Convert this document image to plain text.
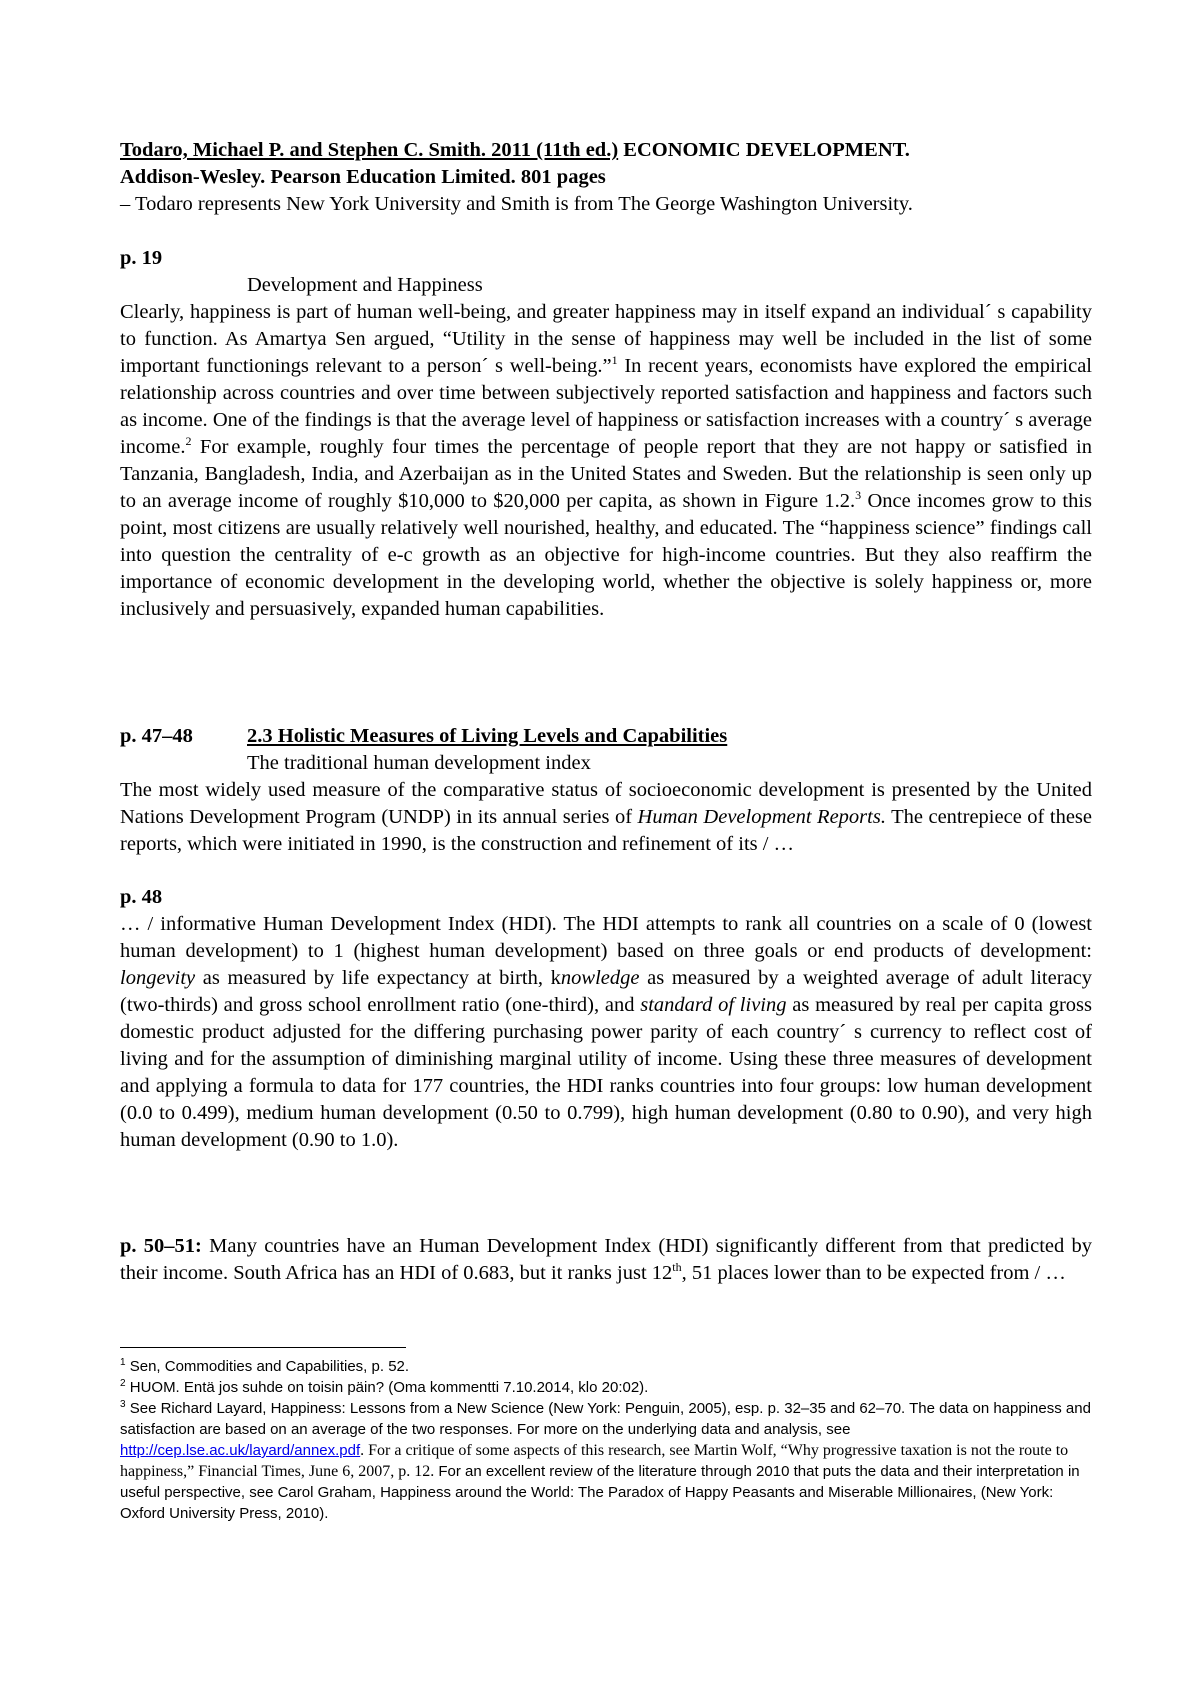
Todaro, Michael P. and Stephen C. Smith. 2011 (11th ed.) ECONOMIC DEVELOPMENT.
Addison-Wesley. Pearson Education Limited. 801 pages
– Todaro represents New York University and Smith is from The George Washington University.
p. 19
Development and Happiness
Clearly, happiness is part of human well-being, and greater happiness may in itself expand an individual´ s capability to function. As Amartya Sen argued, “Utility in the sense of happiness may well be included in the list of some important functionings relevant to a person´ s well-being.”$^1$ In recent years, economists have explored the empirical relationship across countries and over time between subjectively reported satisfaction and happiness and factors such as income. One of the findings is that the average level of happiness or satisfaction increases with a country´ s average income.$^2$ For example, roughly four times the percentage of people report that they are not happy or satisfied in Tanzania, Bangladesh, India, and Azerbaijan as in the United States and Sweden. But the relationship is seen only up to an average income of roughly $10,000 to $20,000 per capita, as shown in Figure 1.2.$^3$ Once incomes grow to this point, most citizens are usually relatively well nourished, healthy, and educated. The “happiness science” findings call into question the centrality of e-c growth as an objective for high-income countries. But they also reaffirm the importance of economic development in the developing world, whether the objective is solely happiness or, more inclusively and persuasively, expanded human capabilities.
p. 47–48	2.3 Holistic Measures of Living Levels and Capabilities
The traditional human development index
The most widely used measure of the comparative status of socioeconomic development is presented by the United Nations Development Program (UNDP) in its annual series of Human Development Reports. The centrepiece of these reports, which were initiated in 1990, is the construction and refinement of its / …
p. 48
… / informative Human Development Index (HDI). The HDI attempts to rank all countries on a scale of 0 (lowest human development) to 1 (highest human development) based on three goals or end products of development: longevity as measured by life expectancy at birth, knowledge as measured by a weighted average of adult literacy (two-thirds) and gross school enrollment ratio (one-third), and standard of living as measured by real per capita gross domestic product adjusted for the differing purchasing power parity of each country´ s currency to reflect cost of living and for the assumption of diminishing marginal utility of income. Using these three measures of development and applying a formula to data for 177 countries, the HDI ranks countries into four groups: low human development (0.0 to 0.499), medium human development (0.50 to 0.799), high human development (0.80 to 0.90), and very high human development (0.90 to 1.0).
p. 50–51: Many countries have an Human Development Index (HDI) significantly different from that predicted by their income. South Africa has an HDI of 0.683, but it ranks just 12th, 51 places lower than to be expected from / …
$^1$ Sen, Commodities and Capabilities, p. 52.
$^2$ HUOM. Entä jos suhde on toisin päin? (Oma kommentti 7.10.2014, klo 20:02).
$^3$ See Richard Layard, Happiness: Lessons from a New Science (New York: Penguin, 2005), esp. p. 32–35 and 62–70. The data on happiness and satisfaction are based on an average of the two responses. For more on the underlying data and analysis, see http://cep.lse.ac.uk/layard/annex.pdf. For a critique of some aspects of this research, see Martin Wolf, “Why progressive taxation is not the route to happiness,” Financial Times, June 6, 2007, p. 12. For an excellent review of the literature through 2010 that puts the data and their interpretation in useful perspective, see Carol Graham, Happiness around the World: The Paradox of Happy Peasants and Miserable Millionaires, (New York: Oxford University Press, 2010).
